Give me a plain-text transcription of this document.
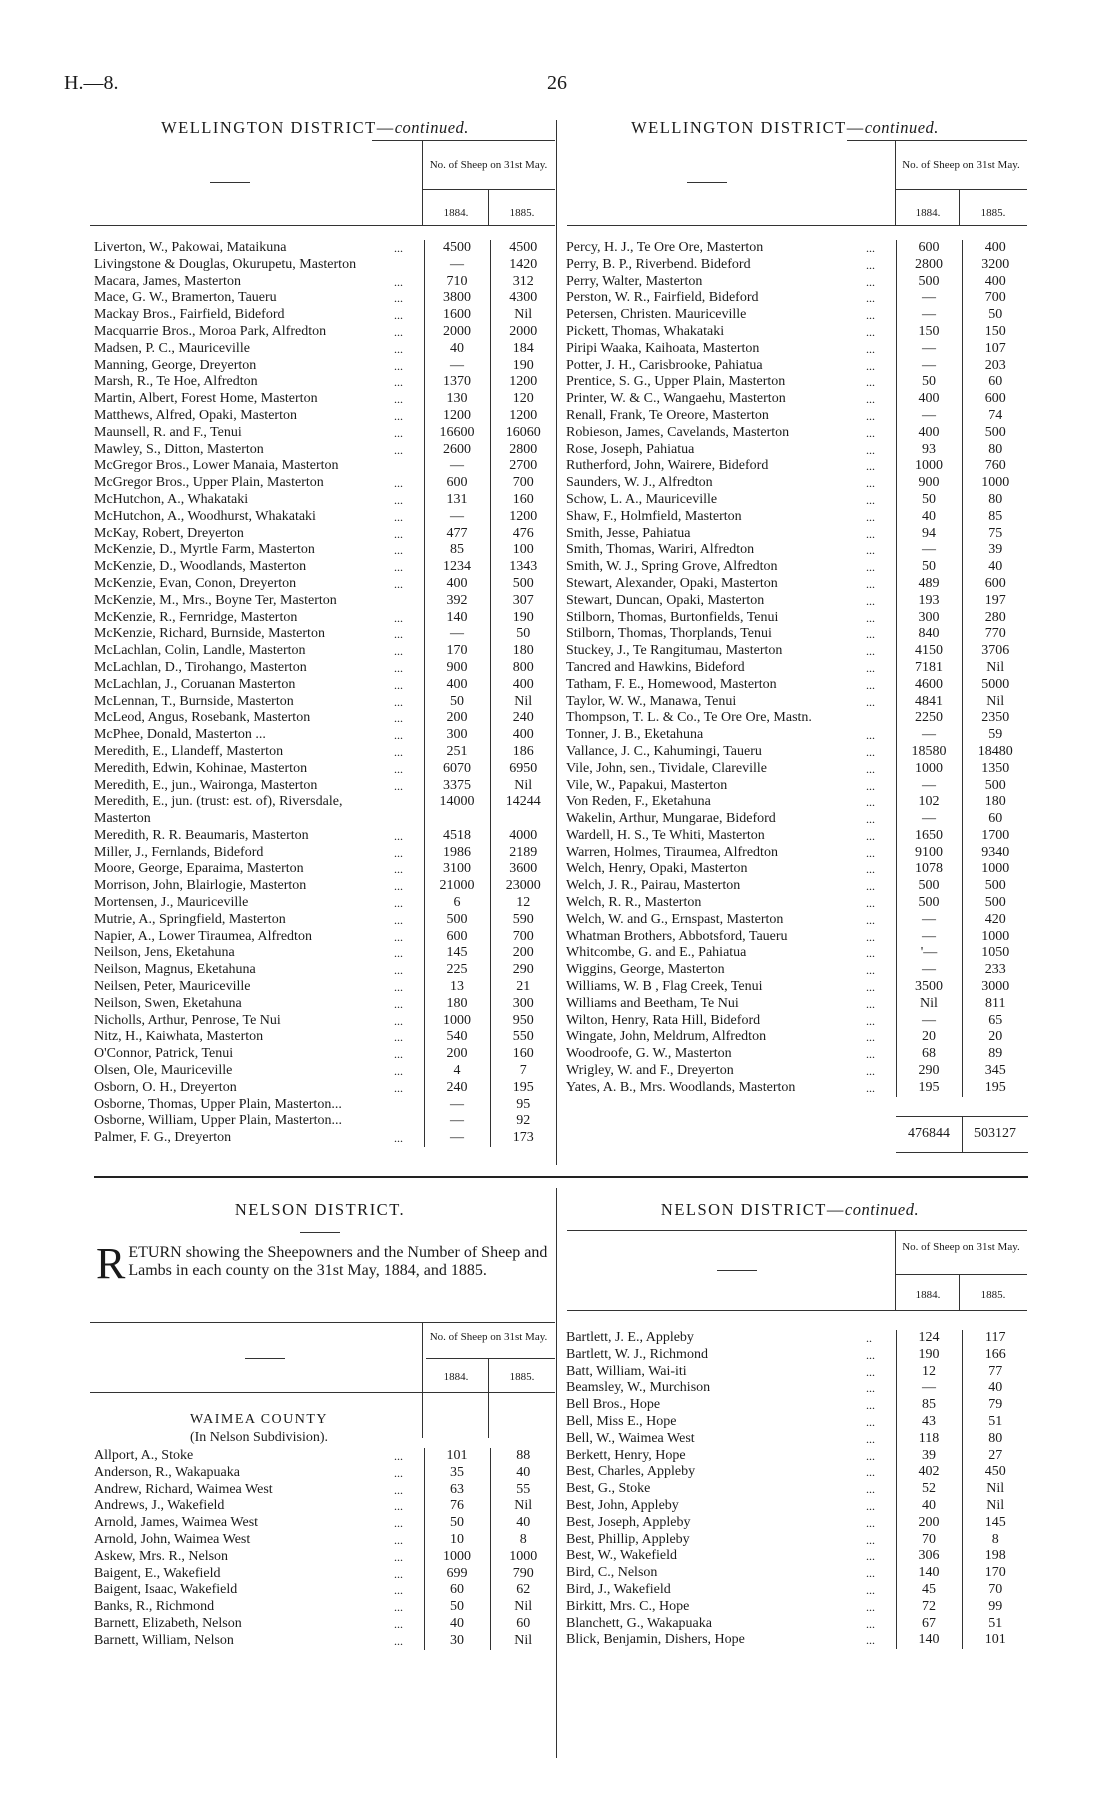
H.—8.	26
WELLINGTON DISTRICT—continued.
No. of Sheep on 31st May.
1884.	1885.
Liverton, W., Pakowai, Mataikuna	...	4500	4500
Livingstone & Douglas, Okurupetu, Masterton		—	1420
Macara, James, Masterton	...	710	312
Mace, G. W., Bramerton, Taueru	...	3800	4300
Mackay Bros., Fairfield, Bideford	...	1600	Nil
Macquarrie Bros., Moroa Park, Alfredton	...	2000	2000
Madsen, P. C., Mauriceville	...	40	184
Manning, George, Dreyerton	...	—	190
Marsh, R., Te Hoe, Alfredton	...	1370	1200
Martin, Albert, Forest Home, Masterton	...	130	120
Matthews, Alfred, Opaki, Masterton	...	1200	1200
Maunsell, R. and F., Tenui	...	16600	16060
Mawley, S., Ditton, Masterton	...	2600	2800
McGregor Bros., Lower Manaia, Masterton		—	2700
McGregor Bros., Upper Plain, Masterton	...	600	700
McHutchon, A., Whakataki	...	131	160
McHutchon, A., Woodhurst, Whakataki	...	—	1200
McKay, Robert, Dreyerton	...	477	476
McKenzie, D., Myrtle Farm, Masterton	...	85	100
McKenzie, D., Woodlands, Masterton	...	1234	1343
McKenzie, Evan, Conon, Dreyerton	...	400	500
McKenzie, M., Mrs., Boyne Ter, Masterton		392	307
McKenzie, R., Fernridge, Masterton	...	140	190
McKenzie, Richard, Burnside, Masterton	...	—	50
McLachlan, Colin, Landle, Masterton	...	170	180
McLachlan, D., Tirohango, Masterton	...	900	800
McLachlan, J., Coruanan Masterton	...	400	400
McLennan, T., Burnside, Masterton	...	50	Nil
McLeod, Angus, Rosebank, Masterton	...	200	240
McPhee, Donald, Masterton ...	...	300	400
Meredith, E., Llandeff, Masterton	...	251	186
Meredith, Edwin, Kohinae, Masterton	...	6070	6950
Meredith, E., jun., Waironga, Masterton	...	3375	Nil
Meredith, E., jun. (trust: est. of), Riversdale,		14000	14244
Masterton			
Meredith, R. R. Beaumaris, Masterton	...	4518	4000
Miller, J., Fernlands, Bideford	...	1986	2189
Moore, George, Eparaima, Masterton	...	3100	3600
Morrison, John, Blairlogie, Masterton	...	21000	23000
Mortensen, J., Mauriceville	...	6	12
Mutrie, A., Springfield, Masterton	...	500	590
Napier, A., Lower Tiraumea, Alfredton	...	600	700
Neilson, Jens, Eketahuna	...	145	200
Neilson, Magnus, Eketahuna	...	225	290
Neilsen, Peter, Mauriceville	...	13	21
Neilson, Swen, Eketahuna	...	180	300
Nicholls, Arthur, Penrose, Te Nui	...	1000	950
Nitz, H., Kaiwhata, Masterton	...	540	550
O'Connor, Patrick, Tenui	...	200	160
Olsen, Ole, Mauriceville	...	4	7
Osborn, O. H., Dreyerton	...	240	195
Osborne, Thomas, Upper Plain, Masterton...		—	95
Osborne, William, Upper Plain, Masterton...		—	92
Palmer, F. G., Dreyerton	...	—	173
WELLINGTON DISTRICT—continued.
No. of Sheep on 31st May.
1884.	1885.
Percy, H. J., Te Ore Ore, Masterton	...	600	400
Perry, B. P., Riverbend. Bideford	...	2800	3200
Perry, Walter, Masterton	...	500	400
Perston, W. R., Fairfield, Bideford	...	—	700
Petersen, Christen. Mauriceville	...	—	50
Pickett, Thomas, Whakataki	...	150	150
Piripi Waaka, Kaihoata, Masterton	...	—	107
Potter, J. H., Carisbrooke, Pahiatua	...	—	203
Prentice, S. G., Upper Plain, Masterton	...	50	60
Printer, W. & C., Wangaehu, Masterton	...	400	600
Renall, Frank, Te Oreore, Masterton	...	—	74
Robieson, James, Cavelands, Masterton	...	400	500
Rose, Joseph, Pahiatua	...	93	80
Rutherford, John, Wairere, Bideford	...	1000	760
Saunders, W. J., Alfredton	...	900	1000
Schow, L. A., Mauriceville	...	50	80
Shaw, F., Holmfield, Masterton	...	40	85
Smith, Jesse, Pahiatua	...	94	75
Smith, Thomas, Wariri, Alfredton	...	—	39
Smith, W. J., Spring Grove, Alfredton	...	50	40
Stewart, Alexander, Opaki, Masterton	...	489	600
Stewart, Duncan, Opaki, Masterton	...	193	197
Stilborn, Thomas, Burtonfields, Tenui	...	300	280
Stilborn, Thomas, Thorplands, Tenui	...	840	770
Stuckey, J., Te Rangitumau, Masterton	...	4150	3706
Tancred and Hawkins, Bideford	...	7181	Nil
Tatham, F. E., Homewood, Masterton	...	4600	5000
Taylor, W. W., Manawa, Tenui	...	4841	Nil
Thompson, T. L. & Co., Te Ore Ore, Mastn.		2250	2350
Tonner, J. B., Eketahuna	...	—	59
Vallance, J. C., Kahumingi, Taueru	...	18580	18480
Vile, John, sen., Tividale, Clareville	...	1000	1350
Vile, W., Papakui, Masterton	...	—	500
Von Reden, F., Eketahuna	...	102	180
Wakelin, Arthur, Mungarae, Bideford	...	—	60
Wardell, H. S., Te Whiti, Masterton	...	1650	1700
Warren, Holmes, Tiraumea, Alfredton	...	9100	9340
Welch, Henry, Opaki, Masterton	...	1078	1000
Welch, J. R., Pairau, Masterton	...	500	500
Welch, R. R., Masterton	...	500	500
Welch, W. and G., Ernspast, Masterton	...	—	420
Whatman Brothers, Abbotsford, Taueru	...	—	1000
Whitcombe, G. and E., Pahiatua	...	'—	1050
Wiggins, George, Masterton	...	—	233
Williams, W. B , Flag Creek, Tenui	...	3500	3000
Williams and Beetham, Te Nui	...	Nil	811
Wilton, Henry, Rata Hill, Bideford	...	—	65
Wingate, John, Meldrum, Alfredton	...	20	20
Woodroofe, G. W., Masterton	...	68	89
Wrigley, W. and F., Dreyerton	...	290	345
Yates, A. B., Mrs. Woodlands, Masterton	...	195	195
476844	503127
NELSON DISTRICT.
RETURN showing the Sheepowners and the Number of Sheep and Lambs in each county on the 31st May, 1884, and 1885.
No. of Sheep on 31st May.
1884.	1885.
WAIMEA COUNTY
(In Nelson Subdivision).
Allport, A., Stoke	...	101	88
Anderson, R., Wakapuaka	...	35	40
Andrew, Richard, Waimea West	...	63	55
Andrews, J., Wakefield	...	76	Nil
Arnold, James, Waimea West	...	50	40
Arnold, John, Waimea West	...	10	8
Askew, Mrs. R., Nelson	...	1000	1000
Baigent, E., Wakefield	...	699	790
Baigent, Isaac, Wakefield	...	60	62
Banks, R., Richmond	...	50	Nil
Barnett, Elizabeth, Nelson	...	40	60
Barnett, William, Nelson	...	30	Nil
NELSON DISTRICT—continued.
No. of Sheep on 31st May.
1884.	1885.
Bartlett, J. E., Appleby	..	124	117
Bartlett, W. J., Richmond	...	190	166
Batt, William, Wai-iti	...	12	77
Beamsley, W., Murchison	...	—	40
Bell Bros., Hope	...	85	79
Bell, Miss E., Hope	...	43	51
Bell, W., Waimea West	...	118	80
Berkett, Henry, Hope	...	39	27
Best, Charles, Appleby	...	402	450
Best, G., Stoke	...	52	Nil
Best, John, Appleby	...	40	Nil
Best, Joseph, Appleby	...	200	145
Best, Phillip, Appleby	...	70	8
Best, W., Wakefield	...	306	198
Bird, C., Nelson	...	140	170
Bird, J., Wakefield	...	45	70
Birkitt, Mrs. C., Hope	...	72	99
Blanchett, G., Wakapuaka	...	67	51
Blick, Benjamin, Dishers, Hope	...	140	101
